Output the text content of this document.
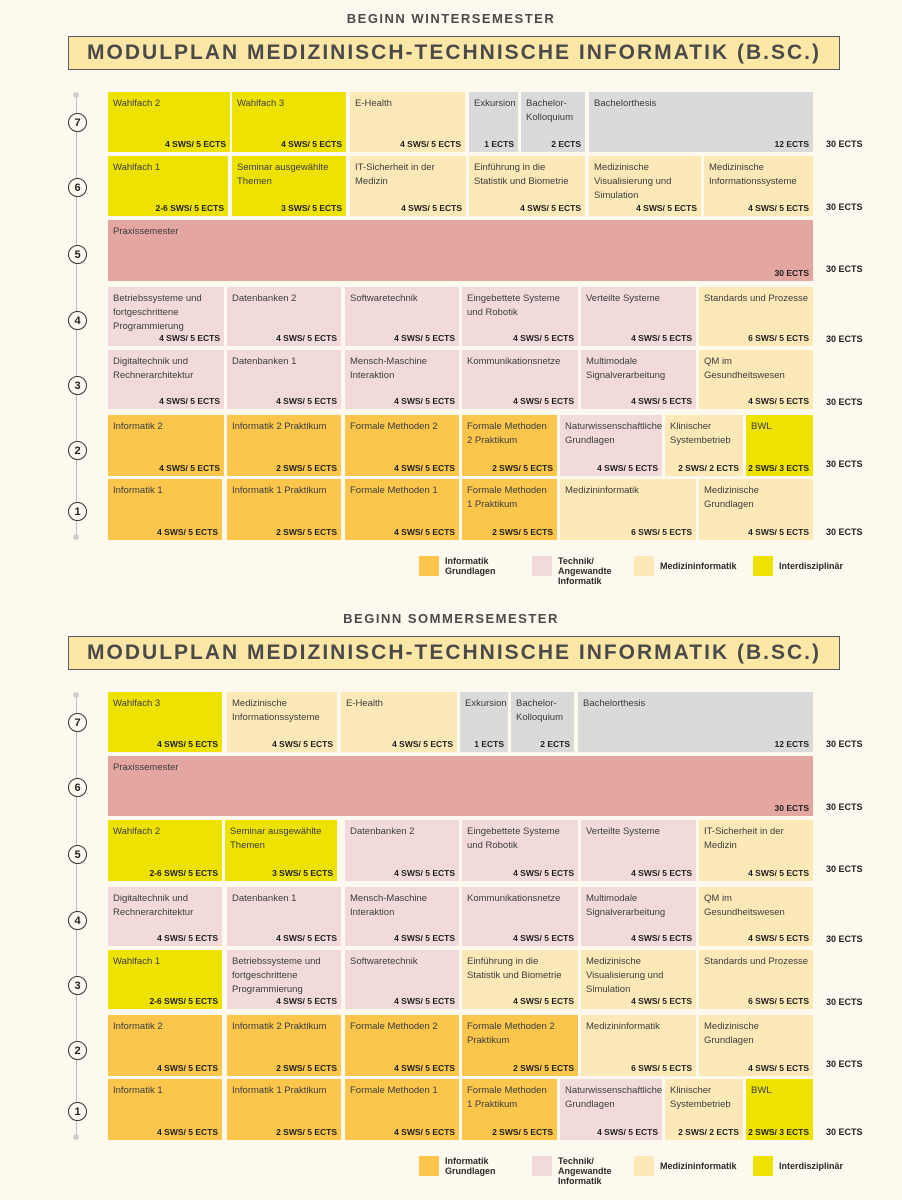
BEGINN WINTERSEMESTER
MODULPLAN MEDIZINISCH-TECHNISCHE INFORMATIK (B.SC.)
7
6
5
4
3
2
1
Wahlfach 2
4 SWS/ 5 ECTS
Wahlfach 3
4 SWS/ 5 ECTS
E-Health
4 SWS/ 5 ECTS
Exkursion
1 ECTS
Bachelor-Kolloquium
2 ECTS
Bachelorthesis
12 ECTS 30 ECTS
Wahlfach 1
2-6 SWS/ 5 ECTS
Seminar ausgewählte Themen
3 SWS/ 5 ECTS
IT-Sicherheit in der Medizin
4 SWS/ 5 ECTS
Einführung in die Statistik und Biometrie
4 SWS/ 5 ECTS
Medizinische Visualisierung und Simulation
4 SWS/ 5 ECTS
Medizinische Informationssysteme
4 SWS/ 5 ECTS 30 ECTS
Praxissemester
30 ECTS 30 ECTS
Betriebssysteme und fortgeschrittene Programmierung
4 SWS/ 5 ECTS
Datenbanken 2
4 SWS/ 5 ECTS
Softwaretechnik
4 SWS/ 5 ECTS
Eingebettete Systeme und Robotik
4 SWS/ 5 ECTS
Verteilte Systeme
4 SWS/ 5 ECTS
Standards und Prozesse
6 SWS/ 5 ECTS 30 ECTS
Digitaltechnik und Rechnerarchitektur
4 SWS/ 5 ECTS
Datenbanken 1
4 SWS/ 5 ECTS
Mensch-Maschine Interaktion
4 SWS/ 5 ECTS
Kommunikationsnetze
4 SWS/ 5 ECTS
Multimodale Signalverarbeitung
4 SWS/ 5 ECTS
QM im Gesundheitswesen
4 SWS/ 5 ECTS 30 ECTS
Informatik 2
4 SWS/ 5 ECTS
Informatik 2 Praktikum
2 SWS/ 5 ECTS
Formale Methoden 2
4 SWS/ 5 ECTS
Formale Methoden 2 Praktikum
2 SWS/ 5 ECTS
Naturwissenschaftliche Grundlagen
4 SWS/ 5 ECTS
Klinischer Systembetrieb
2 SWS/ 2 ECTS
BWL
2 SWS/ 3 ECTS 30 ECTS
Informatik 1
4 SWS/ 5 ECTS
Informatik 1 Praktikum
2 SWS/ 5 ECTS
Formale Methoden 1
4 SWS/ 5 ECTS
Formale Methoden 1 Praktikum
2 SWS/ 5 ECTS
Medizininformatik
6 SWS/ 5 ECTS
Medizinische Grundlagen
4 SWS/ 5 ECTS 30 ECTS
Informatik Grundlagen
Technik/ Angewandte Informatik
Medizininformatik	Interdisziplinär
BEGINN SOMMERSEMESTER
MODULPLAN MEDIZINISCH-TECHNISCHE INFORMATIK (B.SC.)
7
6
5
4
3
2
1
Wahlfach 3
4 SWS/ 5 ECTS
Medizinische Informationssysteme
4 SWS/ 5 ECTS
E-Health
4 SWS/ 5 ECTS
Exkursion
1 ECTS
Bachelor-Kolloquium
2 ECTS
Bachelorthesis
12 ECTS 30 ECTS
Praxissemester
30 ECTS 30 ECTS
Wahlfach 2
2-6 SWS/ 5 ECTS
Seminar ausgewählte Themen
3 SWS/ 5 ECTS
Datenbanken 2
4 SWS/ 5 ECTS
Eingebettete Systeme und Robotik
4 SWS/ 5 ECTS
Verteilte Systeme
4 SWS/ 5 ECTS
IT-Sicherheit in der Medizin
4 SWS/ 5 ECTS 30 ECTS
Digitaltechnik und Rechnerarchitektur
4 SWS/ 5 ECTS
Datenbanken 1
4 SWS/ 5 ECTS
Mensch-Maschine Interaktion
4 SWS/ 5 ECTS
Kommunikationsnetze
4 SWS/ 5 ECTS
Multimodale Signalverarbeitung
4 SWS/ 5 ECTS
QM im Gesundheitswesen
4 SWS/ 5 ECTS 30 ECTS
Wahlfach 1
2-6 SWS/ 5 ECTS
Betriebssysteme und fortgeschrittene Programmierung
4 SWS/ 5 ECTS
Softwaretechnik
4 SWS/ 5 ECTS
Einführung in die Statistik und Biometrie
4 SWS/ 5 ECTS
Medizinische Visualisierung und Simulation
4 SWS/ 5 ECTS
Standards und Prozesse
6 SWS/ 5 ECTS 30 ECTS
Informatik 2
4 SWS/ 5 ECTS
Informatik 2 Praktikum
2 SWS/ 5 ECTS
Formale Methoden 2
4 SWS/ 5 ECTS
Formale Methoden 2 Praktikum
2 SWS/ 5 ECTS
Medizininformatik
6 SWS/ 5 ECTS
Medizinische Grundlagen
4 SWS/ 5 ECTS 30 ECTS
Informatik 1
4 SWS/ 5 ECTS
Informatik 1 Praktikum
2 SWS/ 5 ECTS
Formale Methoden 1
4 SWS/ 5 ECTS
Formale Methoden 1 Praktikum
2 SWS/ 5 ECTS
Naturwissenschaftliche Grundlagen
4 SWS/ 5 ECTS
Klinischer Systembetrieb
2 SWS/ 2 ECTS
BWL
2 SWS/ 3 ECTS 30 ECTS
Informatik Grundlagen
Technik/ Angewandte Informatik
Medizininformatik	Interdisziplinär
